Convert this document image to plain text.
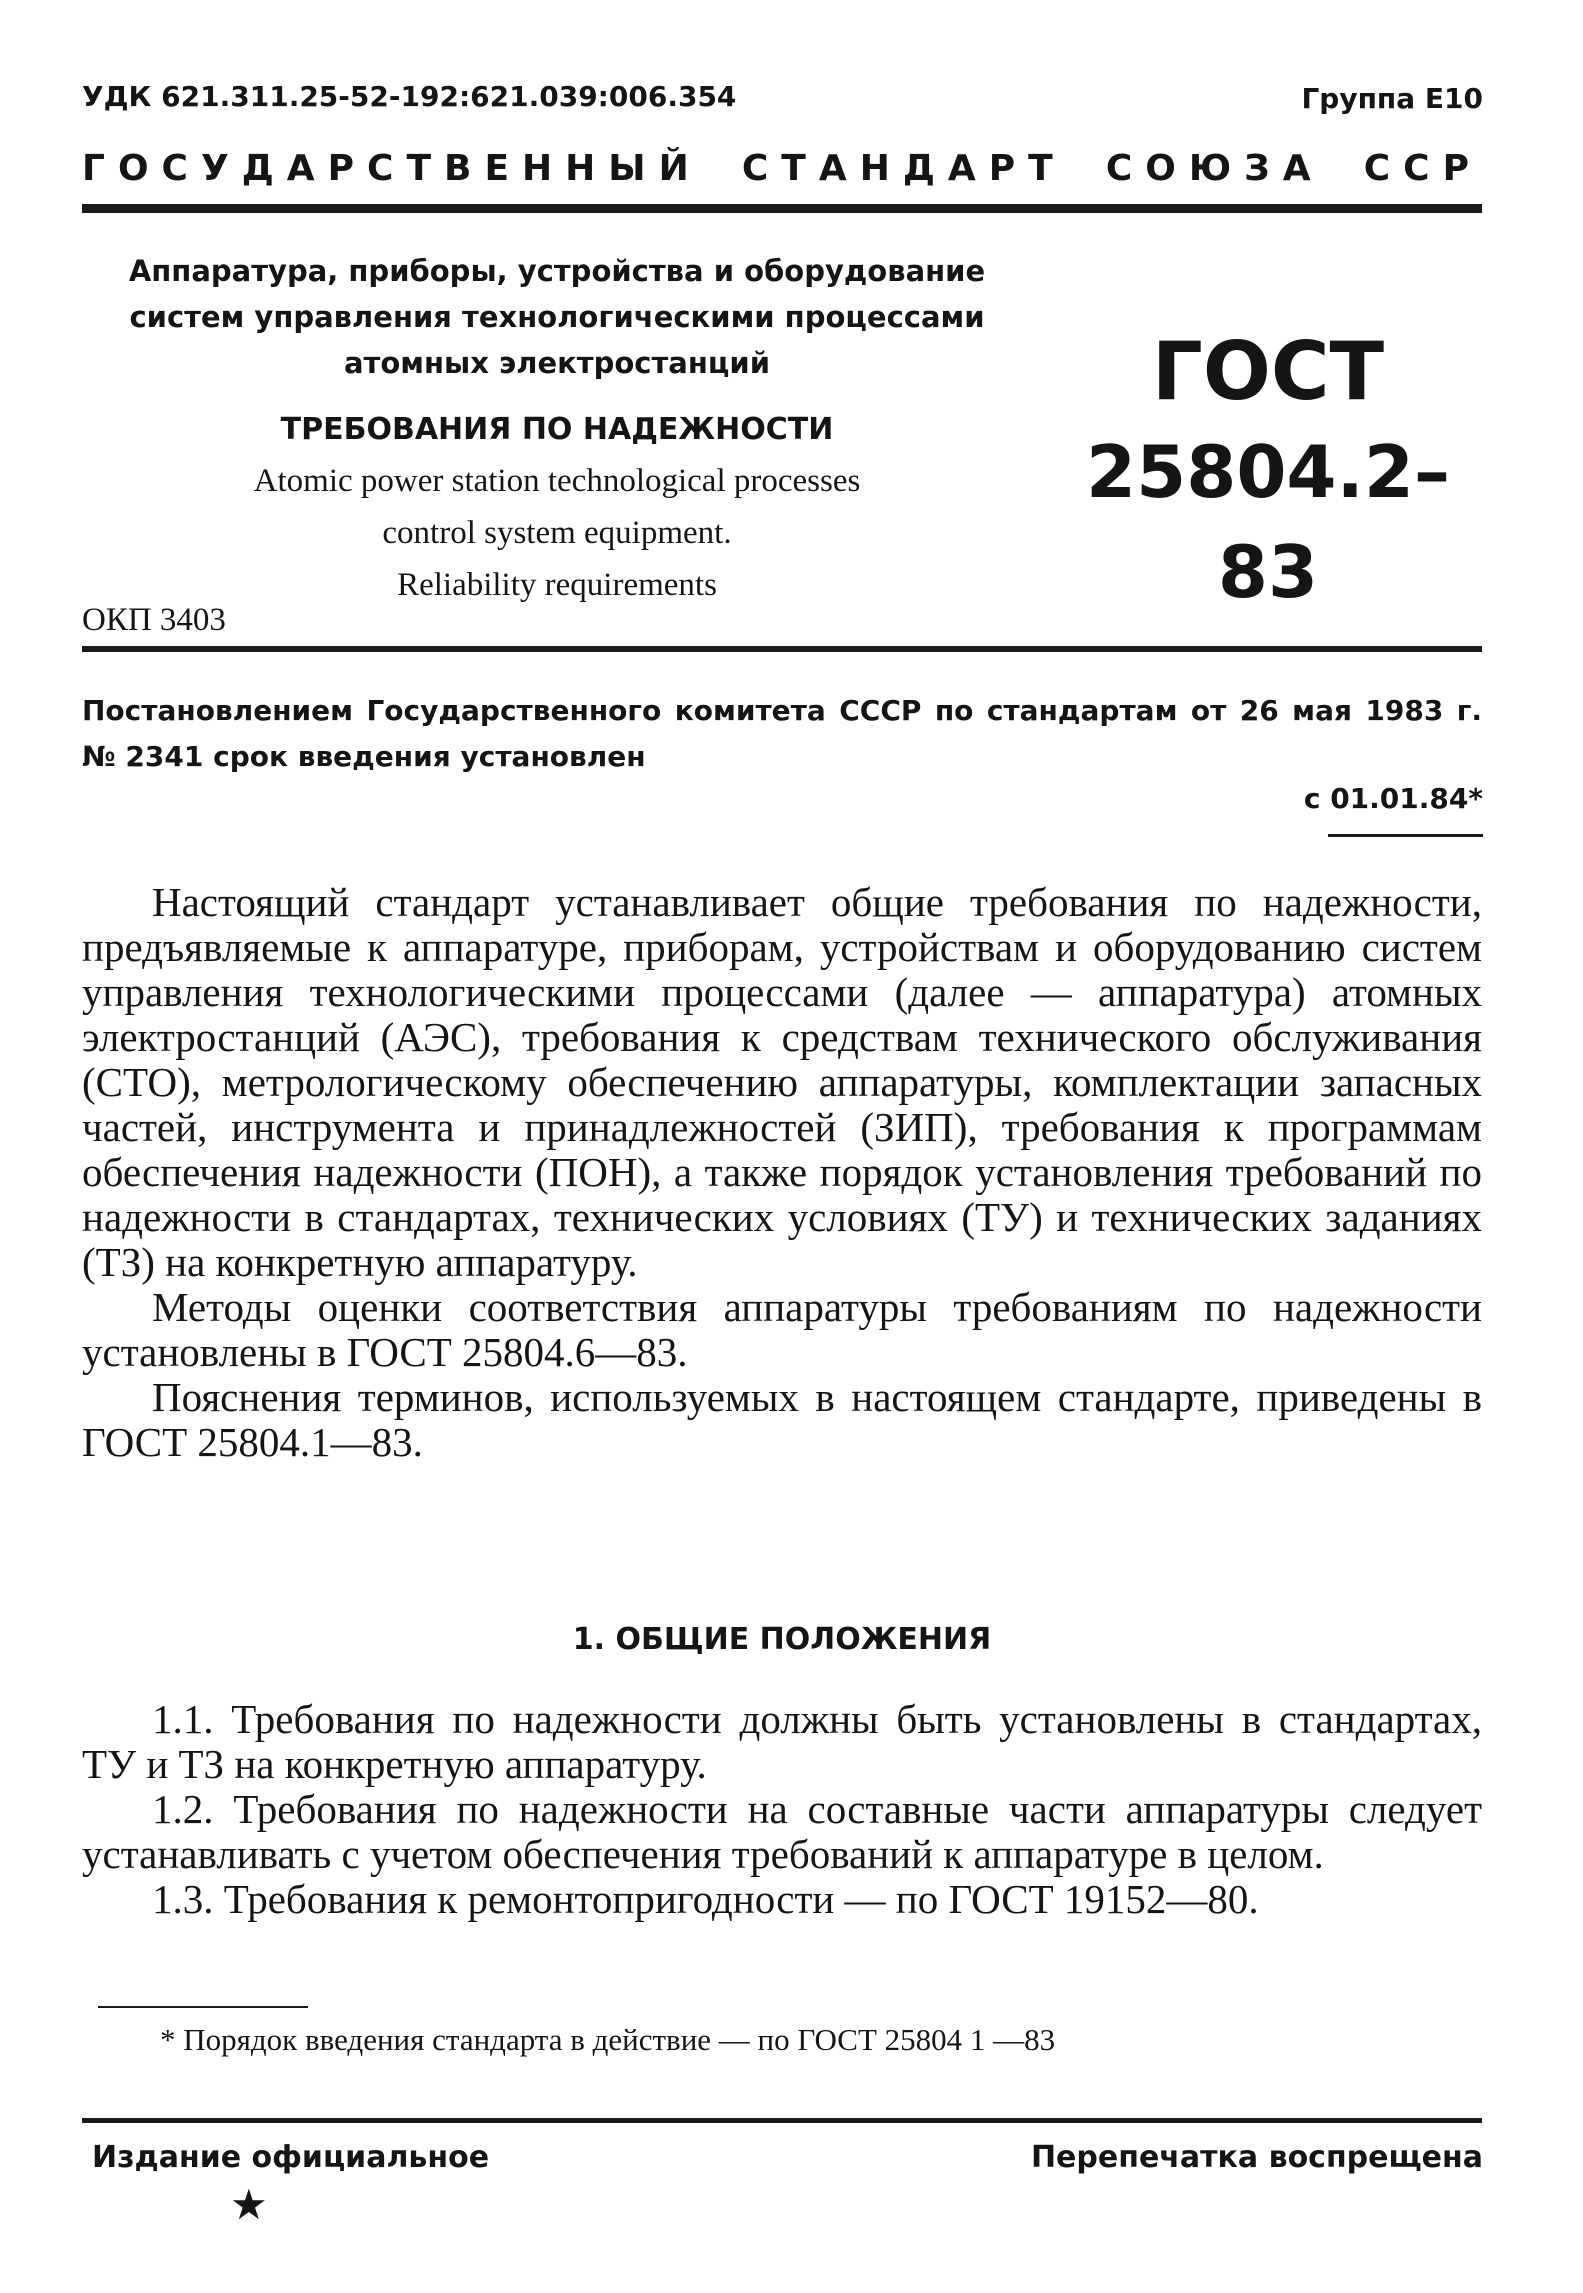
УДК 621.311.25-52-192:621.039:006.354	Группа Е10
ГОСУДАРСТВЕННЫЙ СТАНДАРТ СОЮЗА ССР
Аппаратура, приборы, устройства и оборудование
систем управления технологическими процессами
атомных электростанций
ТРЕБОВАНИЯ ПО НАДЕЖНОСТИ
Atomic power station technological processes
control system equipment.
Reliability requirements
ГОСТ
25804.2–83
ОКП 3403
Постановлением Государственного комитета СССР по стандартам от 26 мая 1983 г. № 2341 срок введения установлен
с 01.01.84*

Настоящий стандарт устанавливает общие требования по надежности, предъявляемые к аппаратуре, приборам, устройствам и оборудованию систем управления технологическими процессами (далее — аппаратура) атомных электростанций (АЭС), требования к средствам технического обслуживания (СТО), метрологическому обеспечению аппаратуры, комплектации запасных частей, инструмента и принадлежностей (ЗИП), требования к программам обеспечения надежности (ПОН), а также порядок установления требований по надежности в стандартах, технических условиях (ТУ) и технических заданиях (ТЗ) на конкретную аппаратуру.

Методы оценки соответствия аппаратуры требованиям по надежности установлены в ГОСТ 25804.6—83.

Пояснения терминов, используемых в настоящем стандарте, приведены в ГОСТ 25804.1—83.

1. ОБЩИЕ ПОЛОЖЕНИЯ

1.1. Требования по надежности должны быть установлены в стандартах, ТУ и ТЗ на конкретную аппаратуру.

1.2. Требования по надежности на составные части аппаратуры следует устанавливать с учетом обеспечения требований к аппаратуре в целом.

1.3. Требования к ремонтопригодности — по ГОСТ 19152—80.

* Порядок введения стандарта в действие — по ГОСТ 25804 1 —83
Издание официальное	Перепечатка воспрещена
★
